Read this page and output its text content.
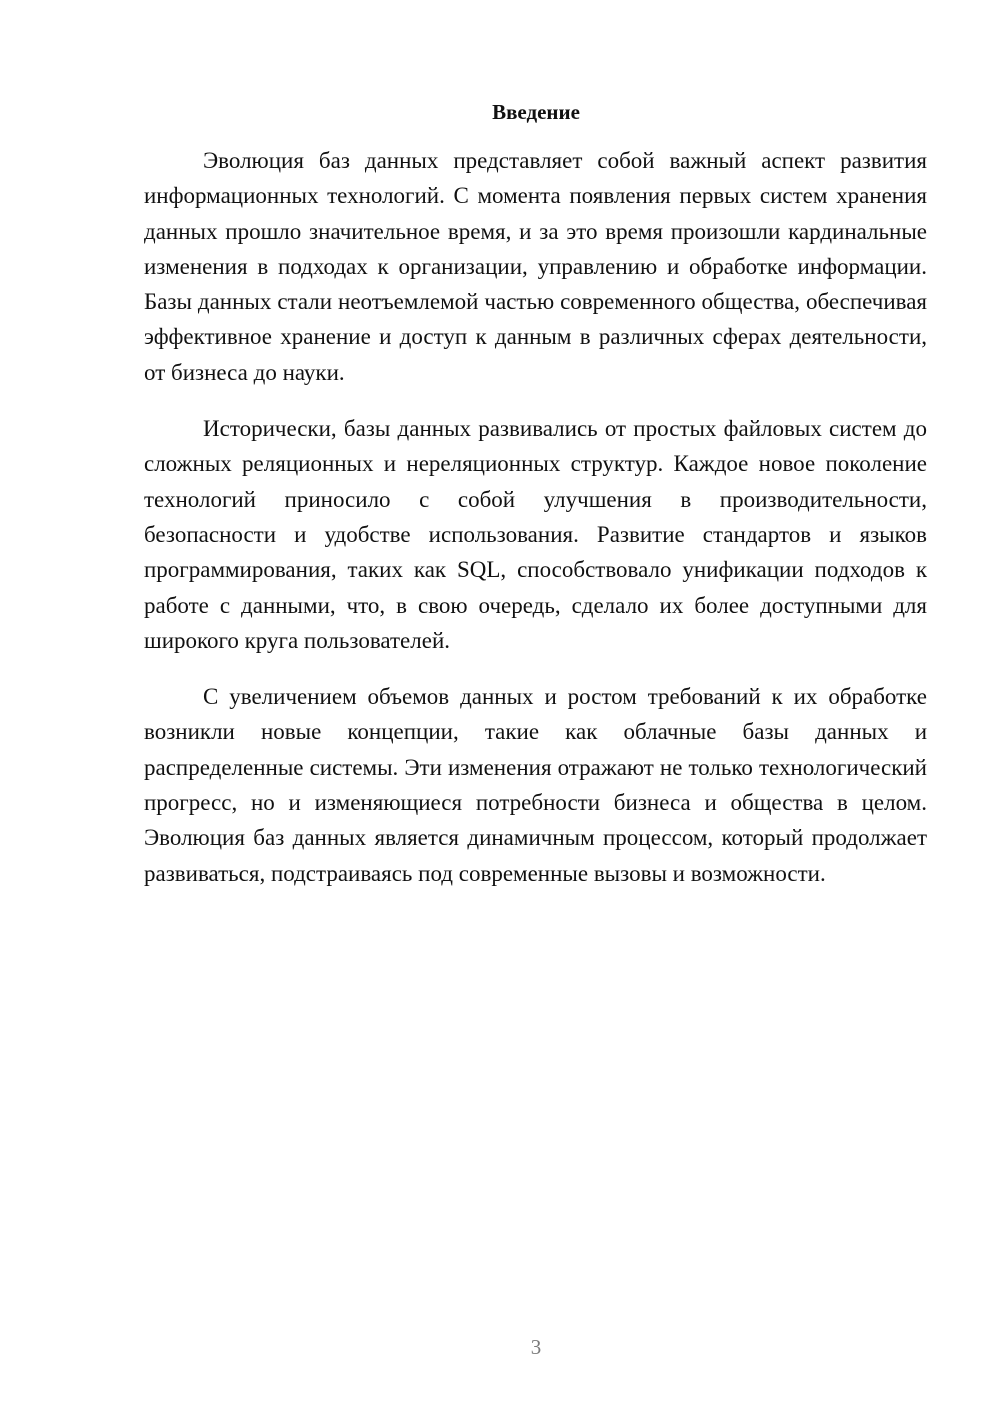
Введение

Эволюция баз данных представляет собой важный аспект развития информационных технологий. С момента появления первых систем хранения данных прошло значительное время, и за это время произошли кардинальные изменения в подходах к организации, управлению и обработке информации. Базы данных стали неотъемлемой частью современного общества, обеспечивая эффективное хранение и доступ к данным в различных сферах деятельности, от бизнеса до науки.

Исторически, базы данных развивались от простых файловых систем до сложных реляционных и нереляционных структур. Каждое новое поколение технологий приносило с собой улучшения в производительности, безопасности и удобстве использования. Развитие стандартов и языков программирования, таких как SQL, способствовало унификации подходов к работе с данными, что, в свою очередь, сделало их более доступными для широкого круга пользователей.

С увеличением объемов данных и ростом требований к их обработке возникли новые концепции, такие как облачные базы данных и распределенные системы. Эти изменения отражают не только технологический прогресс, но и изменяющиеся потребности бизнеса и общества в целом. Эволюция баз данных является динамичным процессом, который продолжает развиваться, подстраиваясь под современные вызовы и возможности.

3
